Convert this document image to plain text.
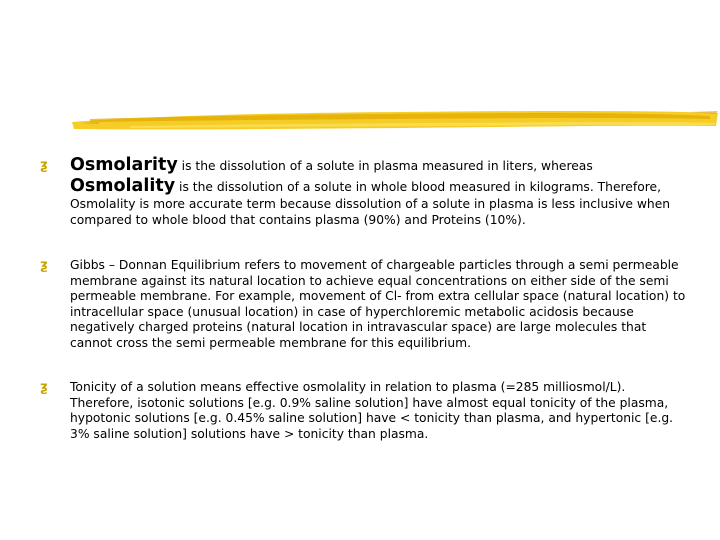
ƺ Osmolarity is the dissolution of a solute in plasma measured in liters, whereas
Osmolality is the dissolution of a solute in whole blood measured in kilograms. Therefore,
Osmolality is more accurate term because dissolution of a solute in plasma is less inclusive when compared to whole blood that contains plasma (90%) and Proteins (10%).
ƺ Gibbs – Donnan Equilibrium refers to movement of chargeable particles through a semi permeable membrane against its natural location to achieve equal concentrations on either side of the semi permeable membrane. For example, movement of Cl- from extra cellular space (natural location) to intracellular space (unusual location) in case of hyperchloremic metabolic acidosis because negatively charged proteins (natural location in intravascular space) are large molecules that cannot cross the semi permeable membrane for this equilibrium.
ƺ Tonicity of a solution means effective osmolality in relation to plasma (=285 milliosmol/L). Therefore, isotonic solutions [e.g. 0.9% saline solution] have almost equal tonicity of the plasma, hypotonic solutions [e.g. 0.45% saline solution] have < tonicity than plasma, and hypertonic [e.g. 3% saline solution] solutions have > tonicity than plasma.
